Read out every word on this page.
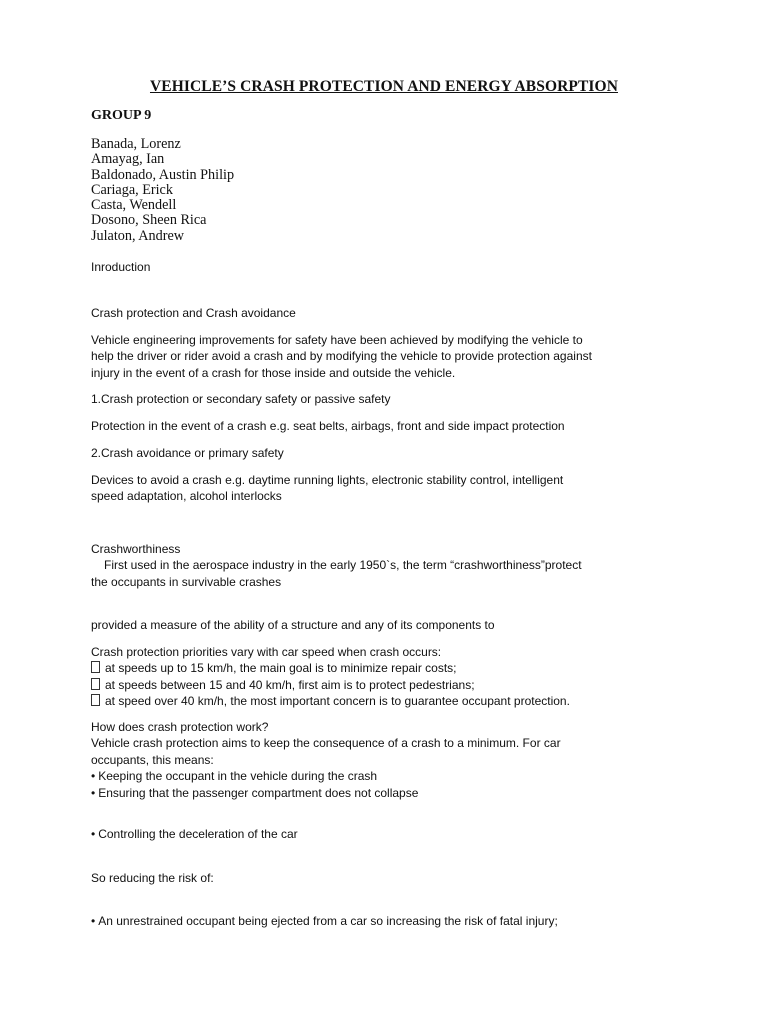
VEHICLE’S CRASH PROTECTION AND ENERGY ABSORPTION
GROUP 9
Banada, Lorenz
Amayag, Ian
Baldonado, Austin Philip
Cariaga, Erick
Casta, Wendell
Dosono, Sheen Rica
Julaton, Andrew
Inroduction
Crash protection and Crash avoidance
Vehicle engineering improvements for safety have been achieved by modifying the vehicle to
help the driver or rider avoid a crash and by modifying the vehicle to provide protection against
injury in the event of a crash for those inside and outside the vehicle.
1.Crash protection or secondary safety or passive safety
Protection in the event of a crash e.g. seat belts, airbags, front and side impact protection
2.Crash avoidance or primary safety
Devices to avoid a crash e.g. daytime running lights, electronic stability control, intelligent
speed adaptation, alcohol interlocks
Crashworthiness
First used in the aerospace industry in the early 1950`s, the term “crashworthiness”protect
the occupants in survivable crashes
provided a measure of the ability of a structure and any of its components to
Crash protection priorities vary with car speed when crash occurs:
at speeds up to 15 km/h, the main goal is to minimize repair costs;
at speeds between 15 and 40 km/h, first aim is to protect pedestrians;
at speed over 40 km/h, the most important concern is to guarantee occupant protection.
How does crash protection work?
Vehicle crash protection aims to keep the consequence of a crash to a minimum. For car
occupants, this means:
• Keeping the occupant in the vehicle during the crash
• Ensuring that the passenger compartment does not collapse
• Controlling the deceleration of the car
So reducing the risk of:
• An unrestrained occupant being ejected from a car so increasing the risk of fatal injury;
